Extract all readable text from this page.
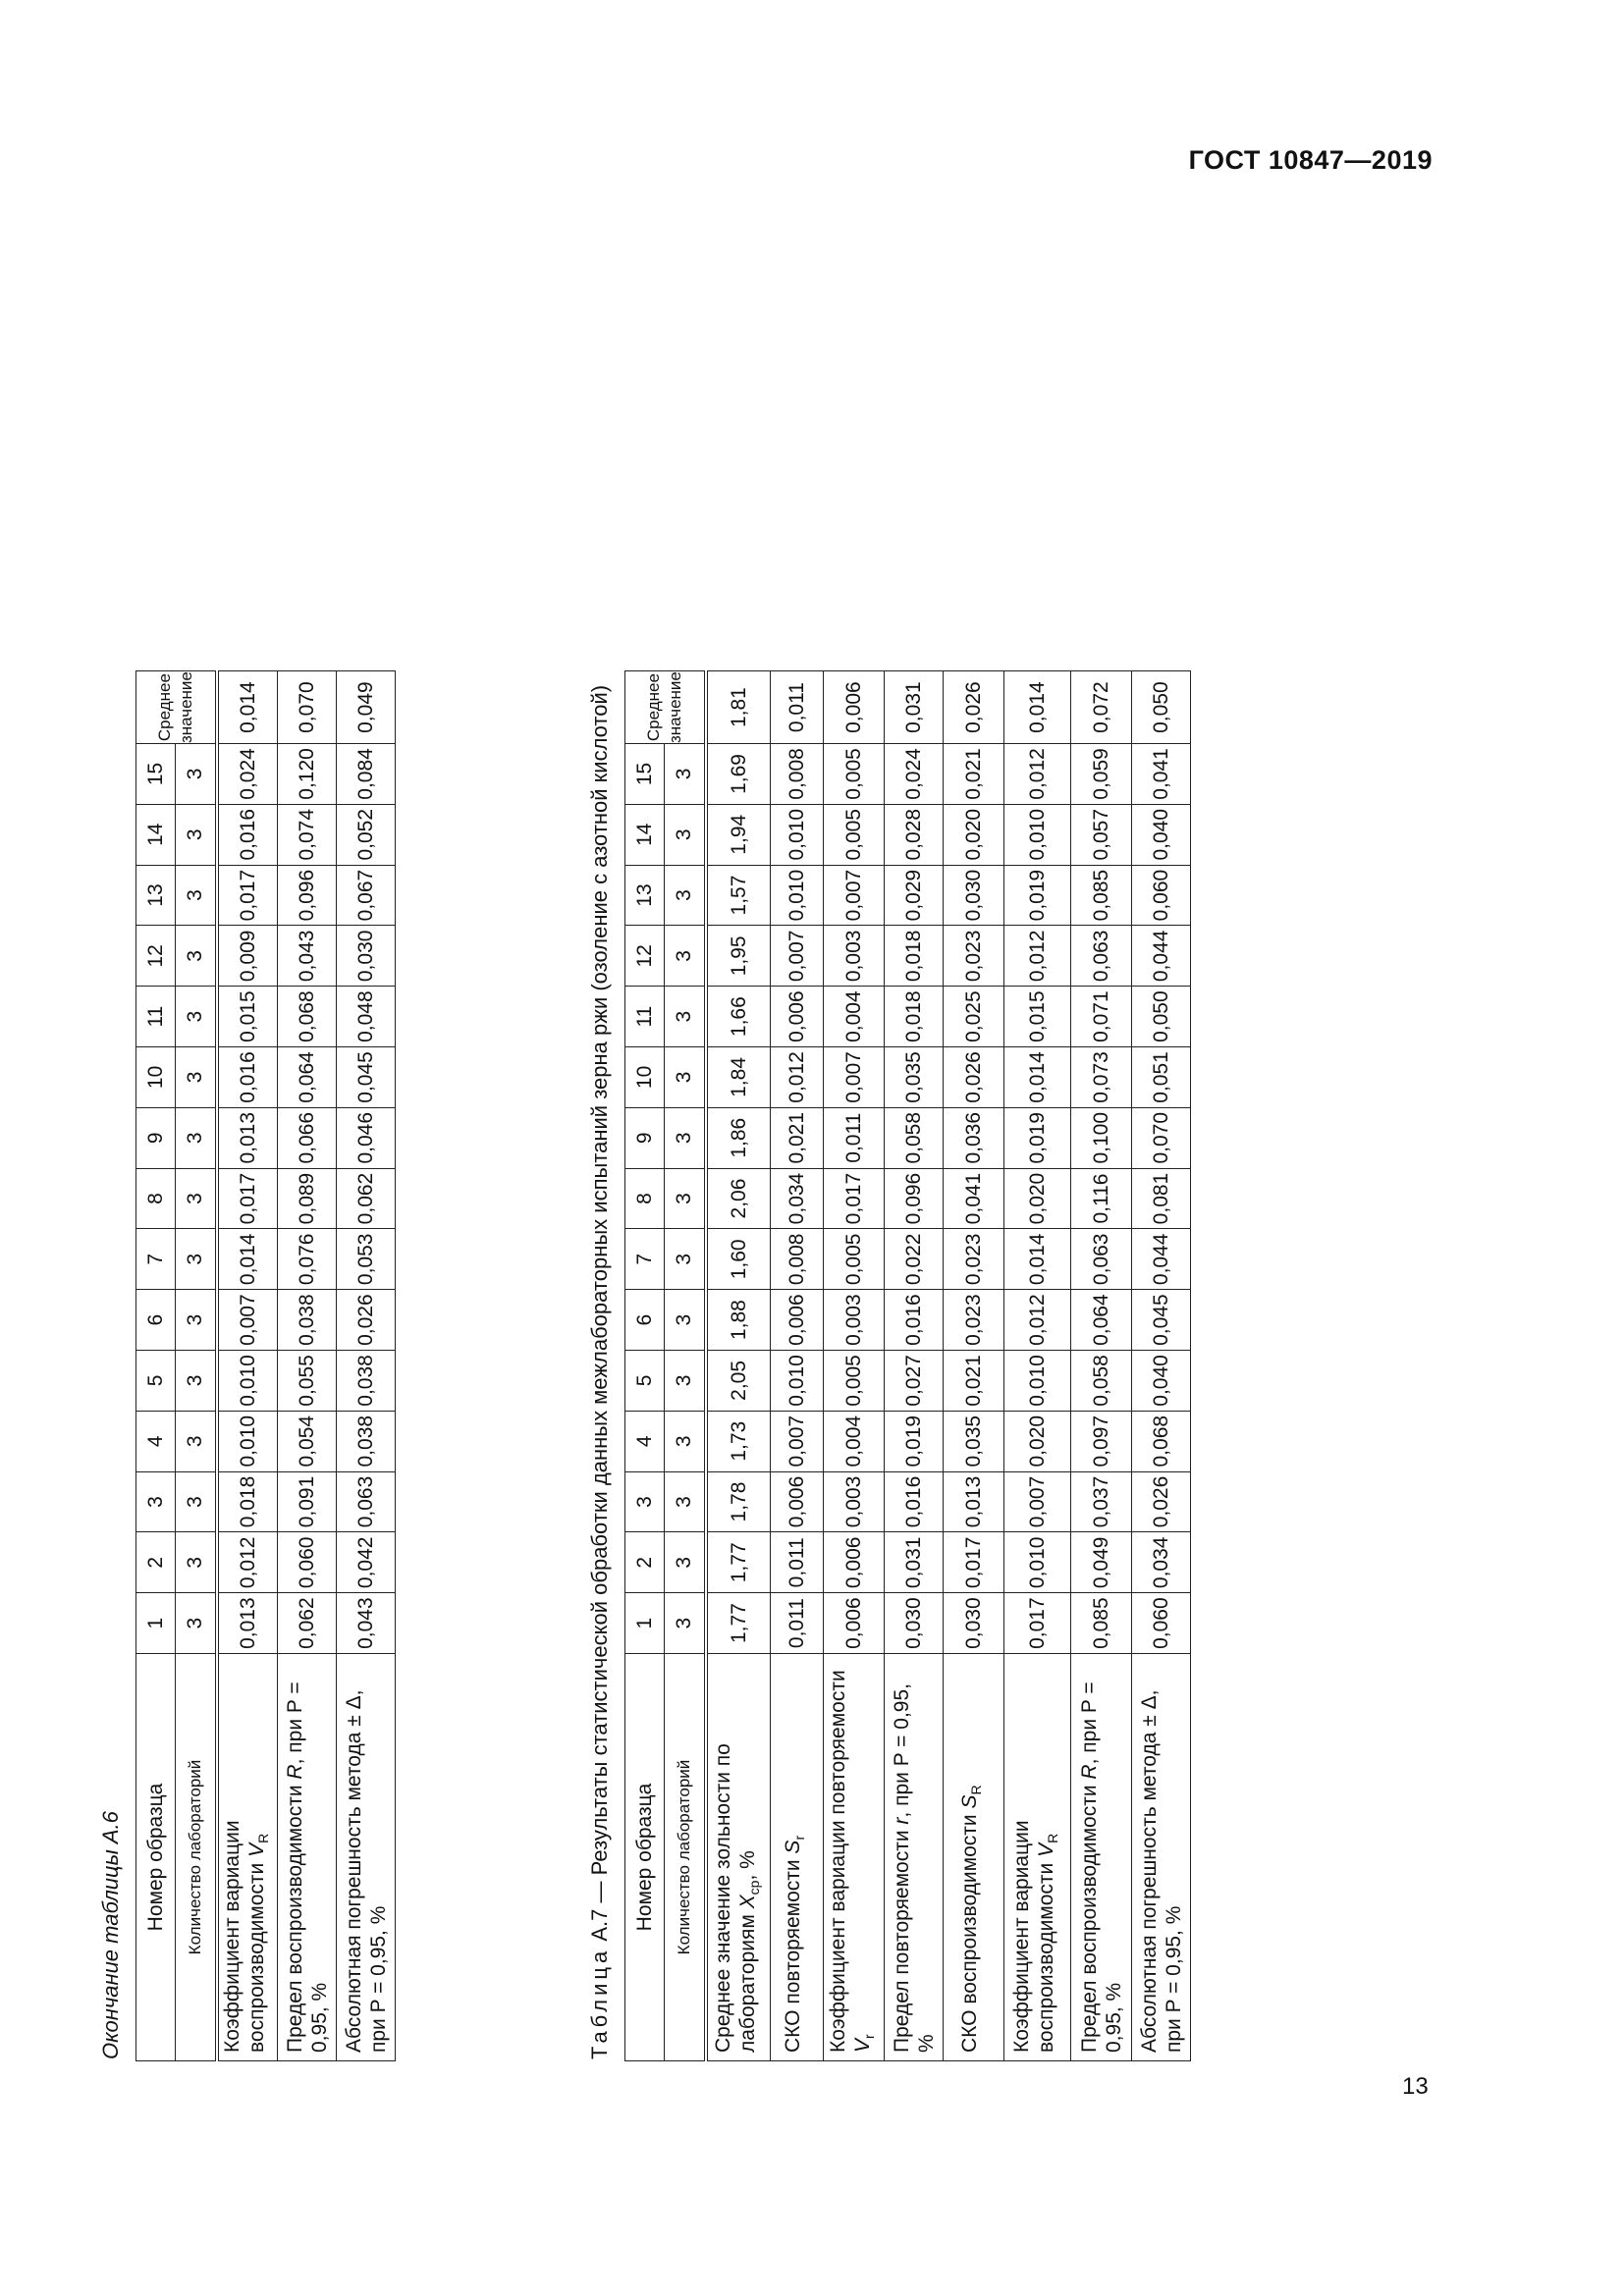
ГОСТ 10847—2019
13
Окончание таблицы А.6 Номер образца	1	2	3	4	5	6	7	8	9	10	11	12	13	14	15	Среднее значение
Количество лабораторий	3	3	3	3	3	3	3	3	3	3	3	3	3	3	3	
Коэффициент вариации воспроизводимости $V_R$	0,013	0,012	0,018	0,010	0,010	0,007	0,014	0,017	0,013	0,016	0,015	0,009	0,017	0,016	0,024	0,014
Предел воспроизводимости R, при P = 0,95, %	0,062	0,060	0,091	0,054	0,055	0,038	0,076	0,089	0,066	0,064	0,068	0,043	0,096	0,074	0,120	0,070
Абсолютная погрешность метода ± Δ, при P = 0,95, %	0,043	0,042	0,063	0,038	0,038	0,026	0,053	0,062	0,046	0,045	0,048	0,030	0,067	0,052	0,084	0,049
Таблица А.7 — Результаты статистической обработки данных межлабораторных испытаний зерна ржи (озоление с азотной кислотой) Номер образца	1	2	3	4	5	6	7	8	9	10	11	12	13	14	15	Среднее значение
Количество лабораторий	3	3	3	3	3	3	3	3	3	3	3	3	3	3	3	
Среднее значение зольности по лабораториям $X_{ср}$, %	1,77	1,77	1,78	1,73	2,05	1,88	1,60	2,06	1,86	1,84	1,66	1,95	1,57	1,94	1,69	1,81
СКО повторяемости $S_r$	0,011	0,011	0,006	0,007	0,010	0,006	0,008	0,034	0,021	0,012	0,006	0,007	0,010	0,010	0,008	0,011
Коэффициент вариации повторяемости $V_r$	0,006	0,006	0,003	0,004	0,005	0,003	0,005	0,017	0,011	0,007	0,004	0,003	0,007	0,005	0,005	0,006
Предел повторяемости r, при P = 0,95, %	0,030	0,031	0,016	0,019	0,027	0,016	0,022	0,096	0,058	0,035	0,018	0,018	0,029	0,028	0,024	0,031
СКО воспроизводимости $S_R$	0,030	0,017	0,013	0,035	0,021	0,023	0,023	0,041	0,036	0,026	0,025	0,023	0,030	0,020	0,021	0,026
Коэффициент вариации воспроизводимости $V_R$	0,017	0,010	0,007	0,020	0,010	0,012	0,014	0,020	0,019	0,014	0,015	0,012	0,019	0,010	0,012	0,014
Предел воспроизводимости R, при P = 0,95, %	0,085	0,049	0,037	0,097	0,058	0,064	0,063	0,116	0,100	0,073	0,071	0,063	0,085	0,057	0,059	0,072
Абсолютная погрешность метода ± Δ, при P = 0,95, %	0,060	0,034	0,026	0,068	0,040	0,045	0,044	0,081	0,070	0,051	0,050	0,044	0,060	0,040	0,041	0,050
